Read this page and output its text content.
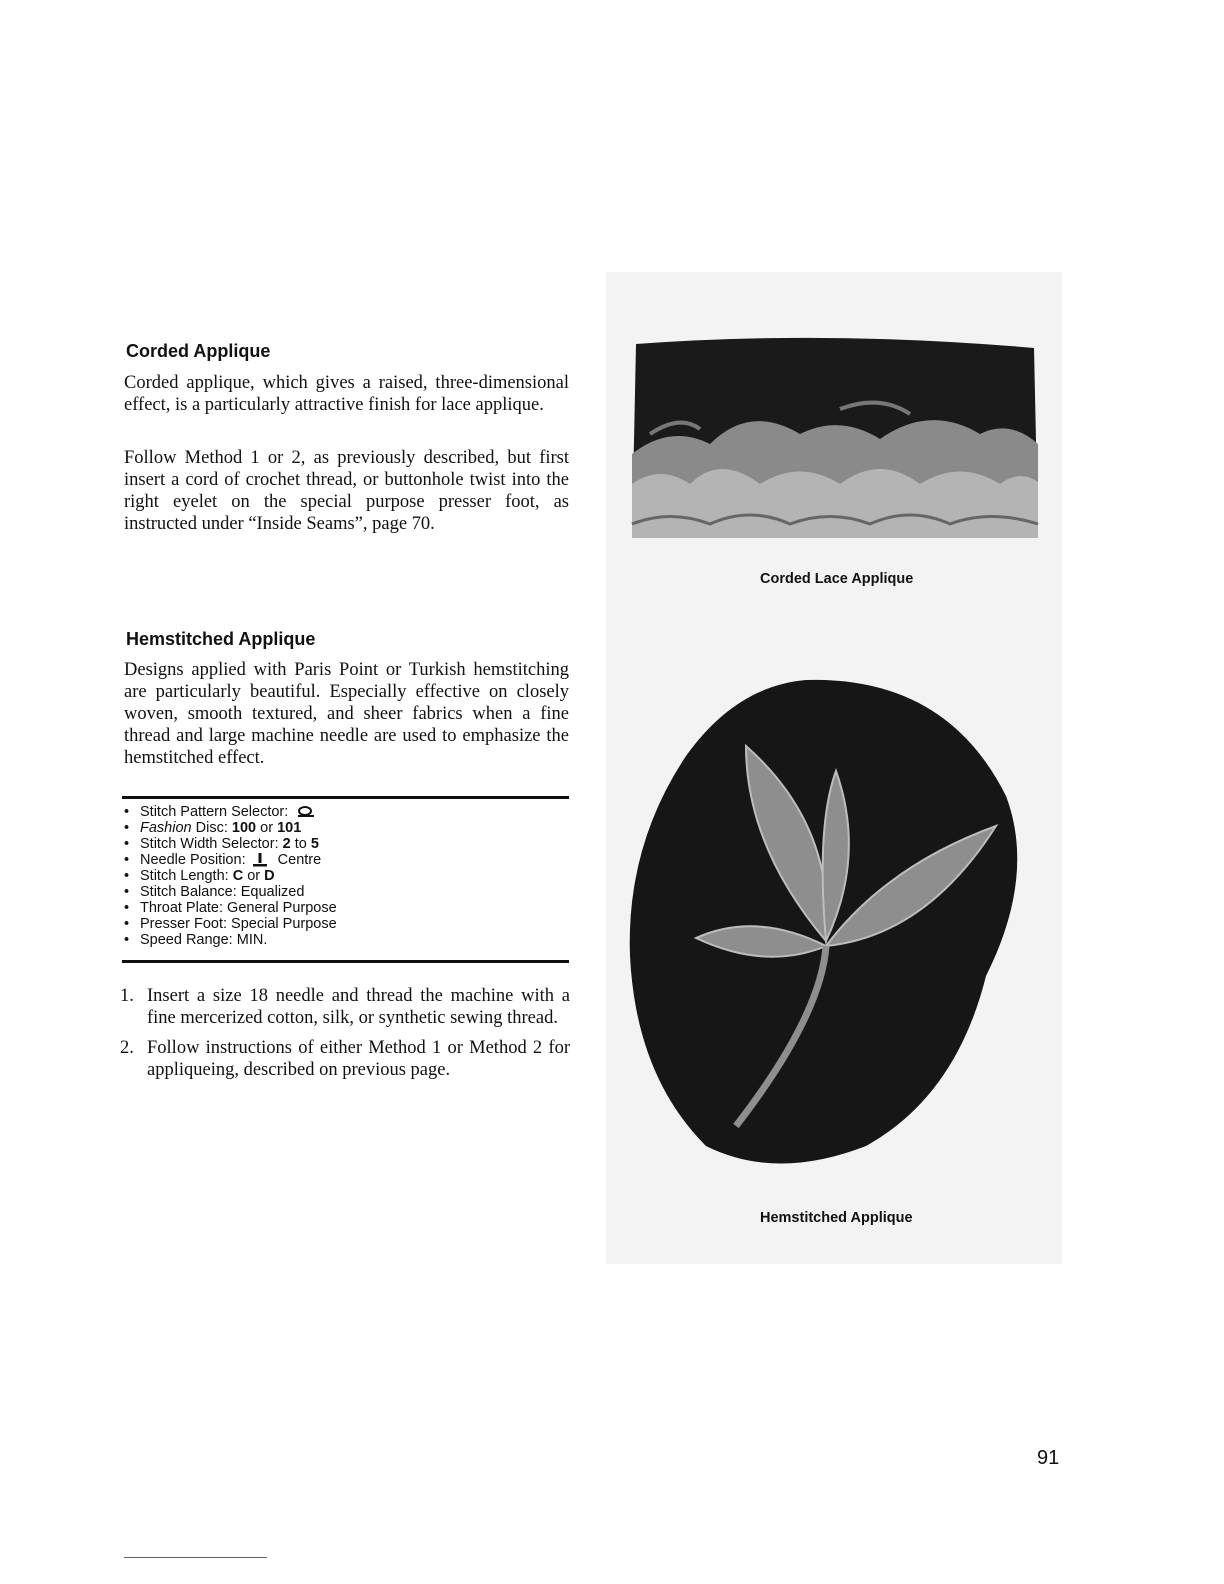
Corded Applique

Corded applique, which gives a raised, three-dimensional effect, is a particularly attractive finish for lace applique.

Follow Method 1 or 2, as previously described, but first insert a cord of crochet thread, or buttonhole twist into the right eyelet on the special purpose presser foot, as instructed under “Inside Seams”, page 70.

Hemstitched Applique

Designs applied with Paris Point or Turkish hemstitching are particularly beautiful. Especially effective on closely woven, smooth textured, and sheer fabrics when a fine thread and large machine needle are used to emphasize the hemstitched effect.

• Stitch Pattern Selector:
• Fashion Disc: 100 or 101
• Stitch Width Selector: 2 to 5
• Needle Position: Centre
• Stitch Length: C or D
• Stitch Balance: Equalized
• Throat Plate: General Purpose
• Presser Foot: Special Purpose
• Speed Range: MIN.
1. Insert a size 18 needle and thread the machine with a fine mercerized cotton, silk, or synthetic sewing thread.
2. Follow instructions of either Method 1 or Method 2 for appliqueing, described on previous page.
Corded Lace Applique
Hemstitched Applique
91
